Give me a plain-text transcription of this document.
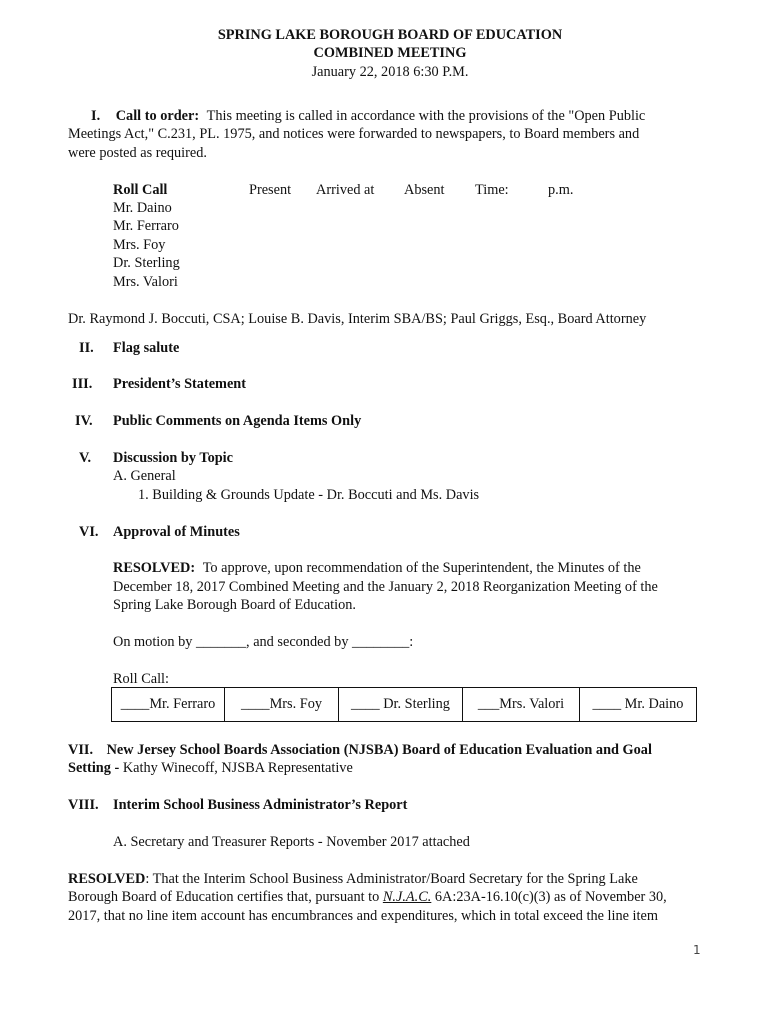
SPRING LAKE BOROUGH BOARD OF EDUCATION
COMBINED MEETING
January 22, 2018 6:30 P.M.
I. Call to order: This meeting is called in accordance with the provisions of the "Open Public
Meetings Act," C.231, PL. 1975, and notices were forwarded to newspapers, to Board members and
were posted as required.
Roll Call	Present Arrived at Absent Time:	p.m.
Mr. Daino
Mr. Ferraro
Mrs. Foy
Dr. Sterling
Mrs. Valori
Dr. Raymond J. Boccuti, CSA; Louise B. Davis, Interim SBA/BS; Paul Griggs, Esq., Board Attorney
II. Flag salute
III. President’s Statement
IV. Public Comments on Agenda Items Only
V. Discussion by Topic
A. General
1. Building & Grounds Update - Dr. Boccuti and Ms. Davis
VI. Approval of Minutes
RESOLVED: To approve, upon recommendation of the Superintendent, the Minutes of the
December 18, 2017 Combined Meeting and the January 2, 2018 Reorganization Meeting of the
Spring Lake Borough Board of Education.
On motion by _______, and seconded by ________:
Roll Call:
____Mr. Ferraro	____Mrs. Foy	____ Dr. Sterling	___Mrs. Valori	____ Mr. Daino
VII. New Jersey School Boards Association (NJSBA) Board of Education Evaluation and Goal
Setting - Kathy Winecoff, NJSBA Representative
VIII. Interim School Business Administrator’s Report
A. Secretary and Treasurer Reports - November 2017 attached
RESOLVED: That the Interim School Business Administrator/Board Secretary for the Spring Lake
Borough Board of Education certifies that, pursuant to N.J.A.C. 6A:23A-16.10(c)(3) as of November 30,
2017, that no line item account has encumbrances and expenditures, which in total exceed the line item
1
